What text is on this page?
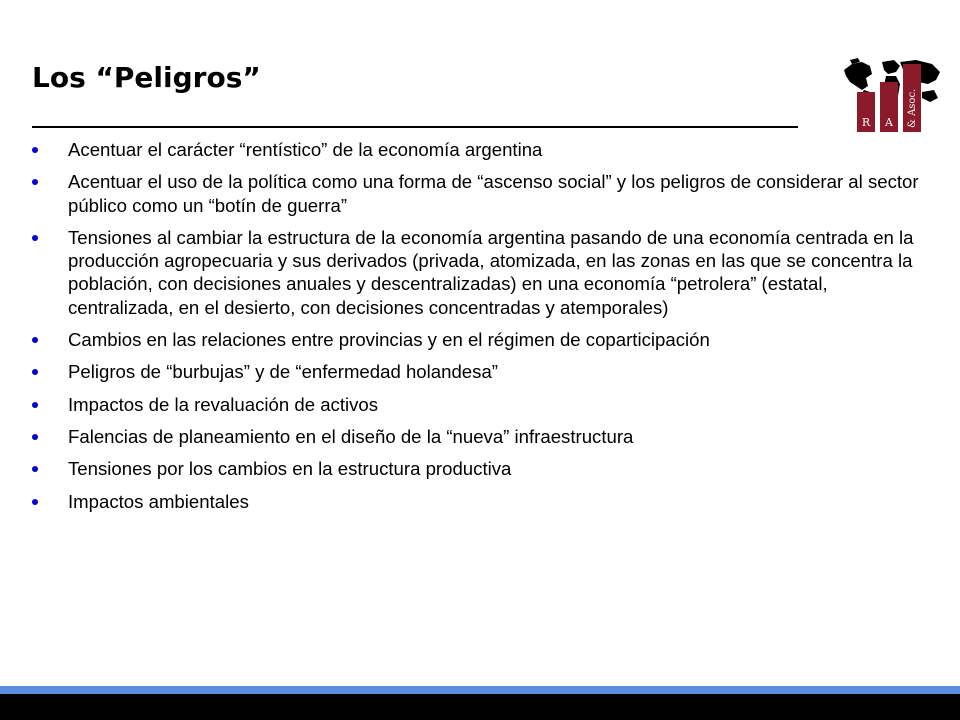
Los “Peligros”
R A & Asoc.
Acentuar el carácter “rentístico” de la economía argentina
Acentuar el uso de la política como una forma de “ascenso social” y los peligros de considerar al sector público como un “botín de guerra”
Tensiones al cambiar la estructura de la economía argentina pasando de una economía centrada en la producción agropecuaria y sus derivados (privada, atomizada, en las zonas en las que se concentra la población, con decisiones anuales y descentralizadas) en una economía “petrolera” (estatal, centralizada, en el desierto, con decisiones concentradas y atemporales)
Cambios en las relaciones entre provincias y en el régimen de coparticipación
Peligros de “burbujas” y de “enfermedad holandesa”
Impactos de la revaluación de activos
Falencias de planeamiento en el diseño de la “nueva” infraestructura
Tensiones por los cambios en la estructura productiva
Impactos ambientales
